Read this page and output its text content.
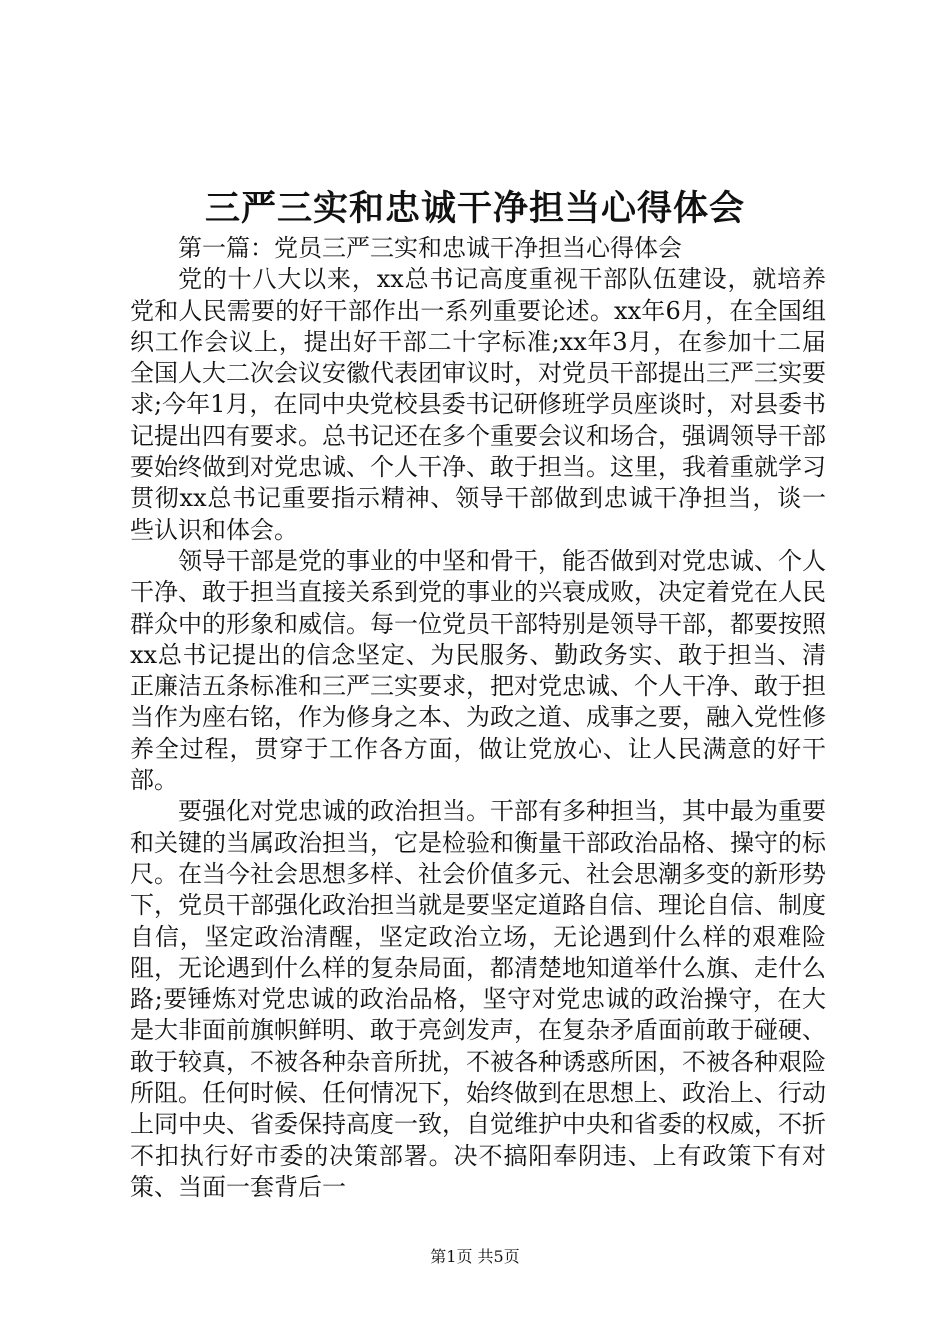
三严三实和忠诚干净担当心得体会

第一篇：党员三严三实和忠诚干净担当心得体会

党的十八大以来，xx总书记高度重视干部队伍建设，就培养党和人民需要的好干部作出一系列重要论述。xx年6月，在全国组织工作会议上，提出好干部二十字标准;xx年3月，在参加十二届全国人大二次会议安徽代表团审议时，对党员干部提出三严三实要求;今年1月，在同中央党校县委书记研修班学员座谈时，对县委书记提出四有要求。总书记还在多个重要会议和场合，强调领导干部要始终做到对党忠诚、个人干净、敢于担当。这里，我着重就学习贯彻xx总书记重要指示精神、领导干部做到忠诚干净担当，谈一些认识和体会。

领导干部是党的事业的中坚和骨干，能否做到对党忠诚、个人干净、敢于担当直接关系到党的事业的兴衰成败，决定着党在人民群众中的形象和威信。每一位党员干部特别是领导干部，都要按照xx总书记提出的信念坚定、为民服务、勤政务实、敢于担当、清正廉洁五条标准和三严三实要求，把对党忠诚、个人干净、敢于担当作为座右铭，作为修身之本、为政之道、成事之要，融入党性修养全过程，贯穿于工作各方面，做让党放心、让人民满意的好干部。

要强化对党忠诚的政治担当。干部有多种担当，其中最为重要和关键的当属政治担当，它是检验和衡量干部政治品格、操守的标尺。在当今社会思想多样、社会价值多元、社会思潮多变的新形势下，党员干部强化政治担当就是要坚定道路自信、理论自信、制度自信，坚定政治清醒，坚定政治立场，无论遇到什么样的艰难险阻，无论遇到什么样的复杂局面，都清楚地知道举什么旗、走什么路;要锤炼对党忠诚的政治品格，坚守对党忠诚的政治操守，在大是大非面前旗帜鲜明、敢于亮剑发声，在复杂矛盾面前敢于碰硬、敢于较真，不被各种杂音所扰，不被各种诱惑所困，不被各种艰险所阻。任何时候、任何情况下，始终做到在思想上、政治上、行动上同中央、省委保持高度一致，自觉维护中央和省委的权威，不折不扣执行好市委的决策部署。决不搞阳奉阴违、上有政策下有对策、当面一套背后一

第1页 共5页
